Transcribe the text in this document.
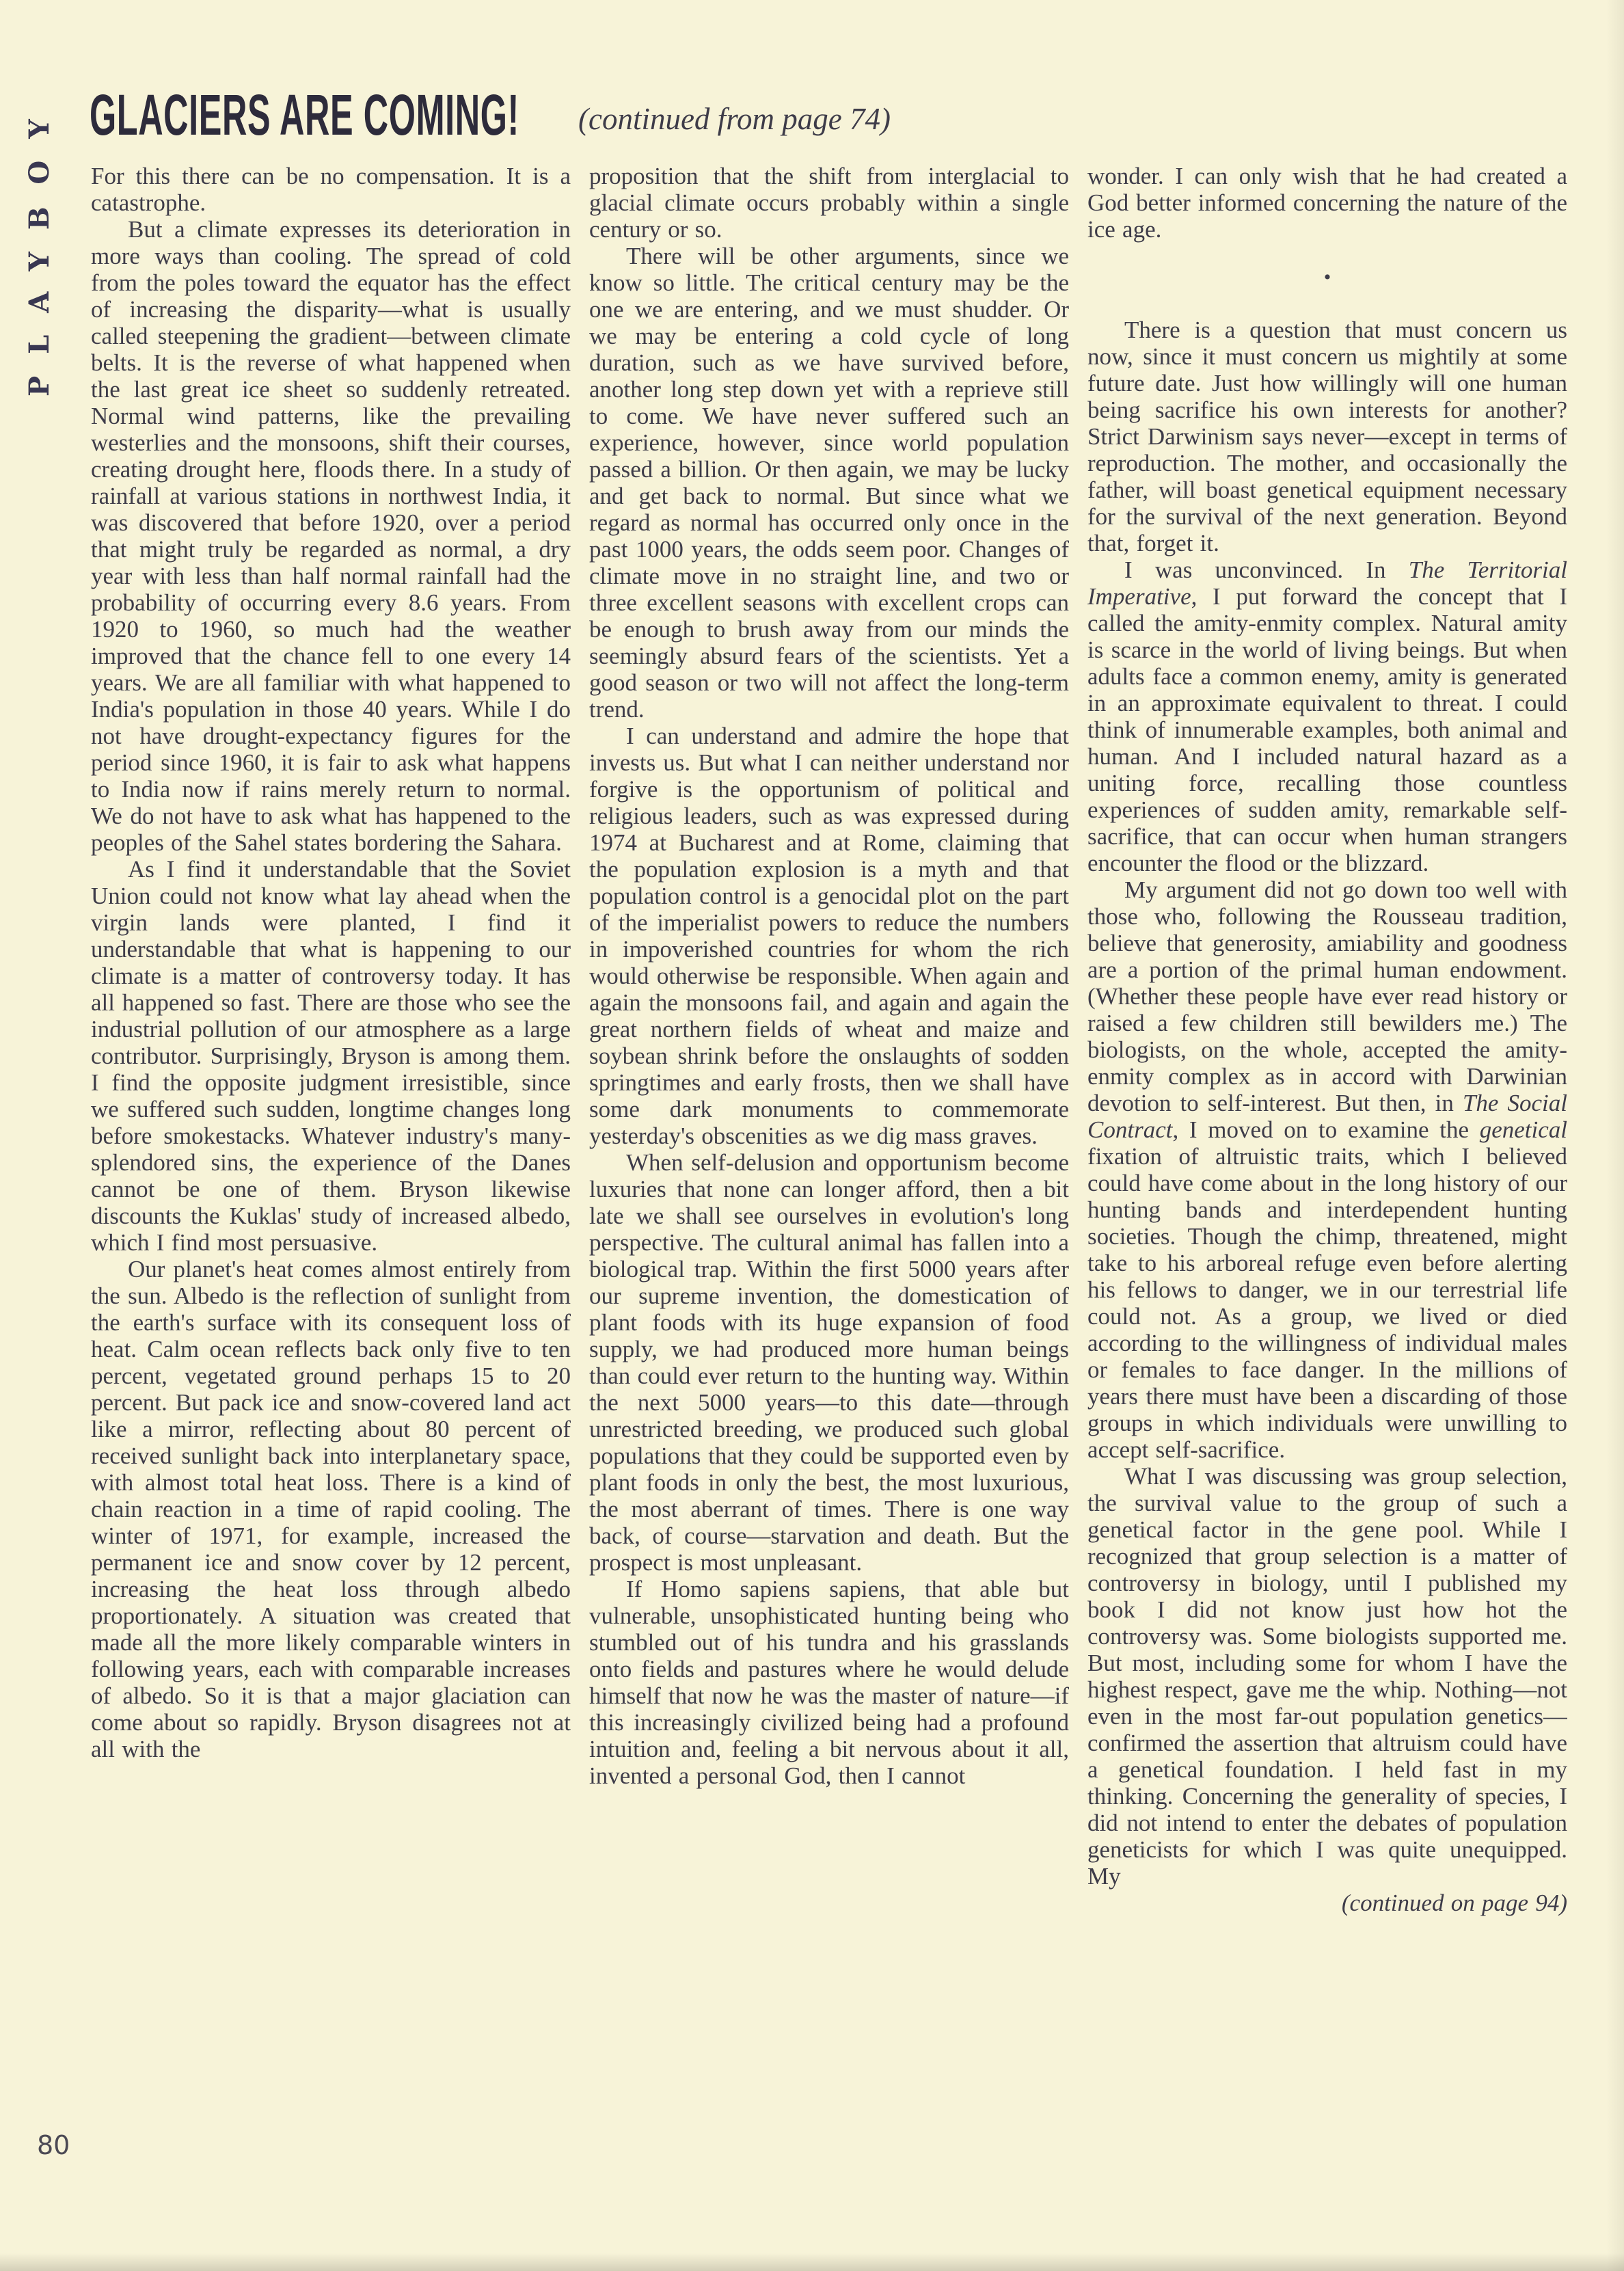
PLAYBOY GLACIERS ARE COMING! (continued from page 74)

For this there can be no compensation. It is a catastrophe.

But a climate expresses its deterioration in more ways than cooling. The spread of cold from the poles toward the equator has the effect of increasing the disparity—what is usually called steepening the gradient—between climate belts. It is the reverse of what happened when the last great ice sheet so suddenly retreated. Normal wind patterns, like the prevailing westerlies and the monsoons, shift their courses, creating drought here, floods there. In a study of rainfall at various stations in northwest India, it was discovered that before 1920, over a period that might truly be regarded as normal, a dry year with less than half normal rainfall had the probability of occurring every 8.6 years. From 1920 to 1960, so much had the weather improved that the chance fell to one every 14 years. We are all familiar with what happened to India's population in those 40 years. While I do not have drought-expectancy figures for the period since 1960, it is fair to ask what happens to India now if rains merely return to normal. We do not have to ask what has happened to the peoples of the Sahel states bordering the Sahara.

As I find it understandable that the Soviet Union could not know what lay ahead when the virgin lands were planted, I find it understandable that what is happening to our climate is a matter of controversy today. It has all happened so fast. There are those who see the industrial pollution of our atmosphere as a large contributor. Surprisingly, Bryson is among them. I find the opposite judgment irresistible, since we suffered such sudden, longtime changes long before smokestacks. Whatever industry's many-splendored sins, the experience of the Danes cannot be one of them. Bryson likewise discounts the Kuklas' study of increased albedo, which I find most persuasive.

Our planet's heat comes almost entirely from the sun. Albedo is the reflection of sunlight from the earth's surface with its consequent loss of heat. Calm ocean reflects back only five to ten percent, vegetated ground perhaps 15 to 20 percent. But pack ice and snow-covered land act like a mirror, reflecting about 80 percent of received sunlight back into interplanetary space, with almost total heat loss. There is a kind of chain reaction in a time of rapid cooling. The winter of 1971, for example, increased the permanent ice and snow cover by 12 percent, increasing the heat loss through albedo proportionately. A situation was created that made all the more likely comparable winters in following years, each with comparable increases of albedo. So it is that a major glaciation can come about so rapidly. Bryson disagrees not at all with the

proposition that the shift from interglacial to glacial climate occurs probably within a single century or so.

There will be other arguments, since we know so little. The critical century may be the one we are entering, and we must shudder. Or we may be entering a cold cycle of long duration, such as we have survived before, another long step down yet with a reprieve still to come. We have never suffered such an experience, however, since world population passed a billion. Or then again, we may be lucky and get back to normal. But since what we regard as normal has occurred only once in the past 1000 years, the odds seem poor. Changes of climate move in no straight line, and two or three excellent seasons with excellent crops can be enough to brush away from our minds the seemingly absurd fears of the scientists. Yet a good season or two will not affect the long-term trend.

I can understand and admire the hope that invests us. But what I can neither understand nor forgive is the opportunism of political and religious leaders, such as was expressed during 1974 at Bucharest and at Rome, claiming that the population explosion is a myth and that population control is a genocidal plot on the part of the imperialist powers to reduce the numbers in impoverished countries for whom the rich would otherwise be responsible. When again and again the monsoons fail, and again and again the great northern fields of wheat and maize and soybean shrink before the onslaughts of sodden springtimes and early frosts, then we shall have some dark monuments to commemorate yesterday's obscenities as we dig mass graves.

When self-delusion and opportunism become luxuries that none can longer afford, then a bit late we shall see ourselves in evolution's long perspective. The cultural animal has fallen into a biological trap. Within the first 5000 years after our supreme invention, the domestication of plant foods with its huge expansion of food supply, we had produced more human beings than could ever return to the hunting way. Within the next 5000 years—to this date—through unrestricted breeding, we produced such global populations that they could be supported even by plant foods in only the best, the most luxurious, the most aberrant of times. There is one way back, of course—starvation and death. But the prospect is most unpleasant.

If Homo sapiens sapiens, that able but vulnerable, unsophisticated hunting being who stumbled out of his tundra and his grasslands onto fields and pastures where he would delude himself that now he was the master of nature—if this increasingly civilized being had a profound intuition and, feeling a bit nervous about it all, invented a personal God, then I cannot

wonder. I can only wish that he had created a God better informed concerning the nature of the ice age.

•

There is a question that must concern us now, since it must concern us mightily at some future date. Just how willingly will one human being sacrifice his own interests for another? Strict Darwinism says never—except in terms of reproduction. The mother, and occasionally the father, will boast genetical equipment necessary for the survival of the next generation. Beyond that, forget it.

I was unconvinced. In The Territorial Imperative, I put forward the concept that I called the amity-enmity complex. Natural amity is scarce in the world of living beings. But when adults face a common enemy, amity is generated in an approximate equivalent to threat. I could think of innumerable examples, both animal and human. And I included natural hazard as a uniting force, recalling those countless experiences of sudden amity, remarkable self-sacrifice, that can occur when human strangers encounter the flood or the blizzard.

My argument did not go down too well with those who, following the Rousseau tradition, believe that generosity, amiability and goodness are a portion of the primal human endowment. (Whether these people have ever read history or raised a few children still bewilders me.) The biologists, on the whole, accepted the amity-enmity complex as in accord with Darwinian devotion to self-interest. But then, in The Social Contract, I moved on to examine the genetical fixation of altruistic traits, which I believed could have come about in the long history of our hunting bands and interdependent hunting societies. Though the chimp, threatened, might take to his arboreal refuge even before alerting his fellows to danger, we in our terrestrial life could not. As a group, we lived or died according to the willingness of individual males or females to face danger. In the millions of years there must have been a discarding of those groups in which individuals were unwilling to accept self-sacrifice.

What I was discussing was group selection, the survival value to the group of such a genetical factor in the gene pool. While I recognized that group selection is a matter of controversy in biology, until I published my book I did not know just how hot the controversy was. Some biologists supported me. But most, including some for whom I have the highest respect, gave me the whip. Nothing—not even in the most far-out population genetics—confirmed the assertion that altruism could have a genetical foundation. I held fast in my thinking. Concerning the generality of species, I did not intend to enter the debates of population geneticists for which I was quite unequipped. My

(continued on page 94)

80
